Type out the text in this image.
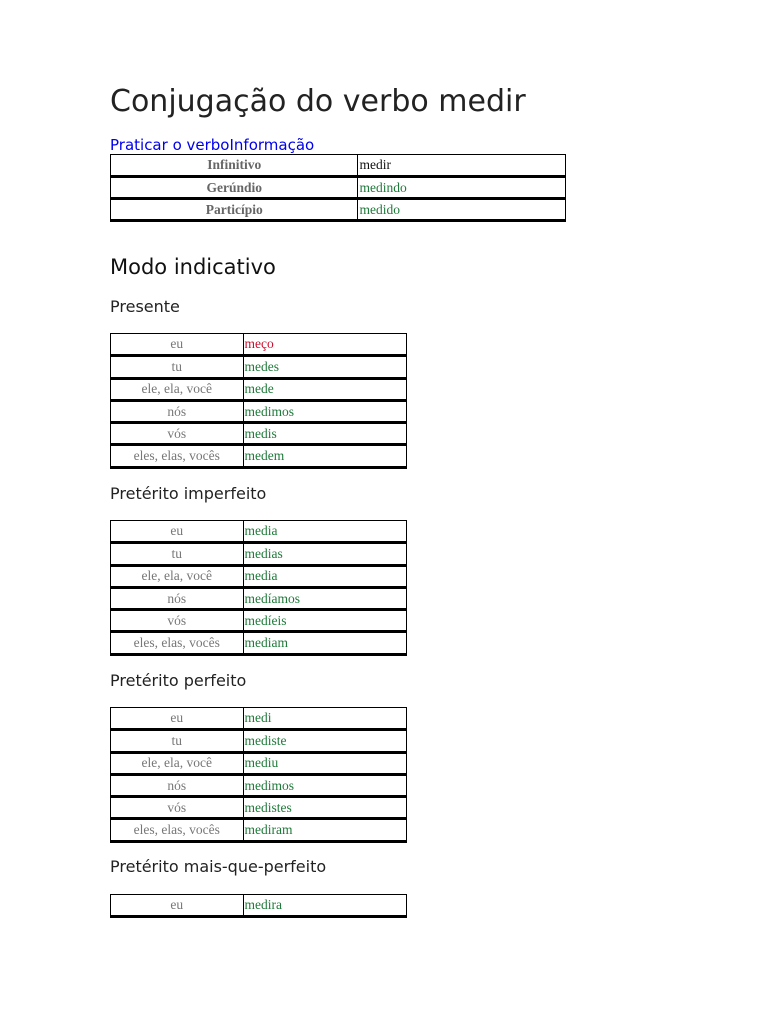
Conjugação do verbo medir
Praticar o verboInformação
Infinitivo	medir
Gerúndio	medindo
Particípio	medido
Modo indicativo
Presente
eu	meço
tu	medes
ele, ela, você	mede
nós	medimos
vós	medis
eles, elas, vocês	medem
Pretérito imperfeito
eu	media
tu	medias
ele, ela, você	media
nós	medíamos
vós	medíeis
eles, elas, vocês	mediam
Pretérito perfeito
eu	medi
tu	mediste
ele, ela, você	mediu
nós	medimos
vós	medistes
eles, elas, vocês	mediram
Pretérito mais-que-perfeito
eu	medira
